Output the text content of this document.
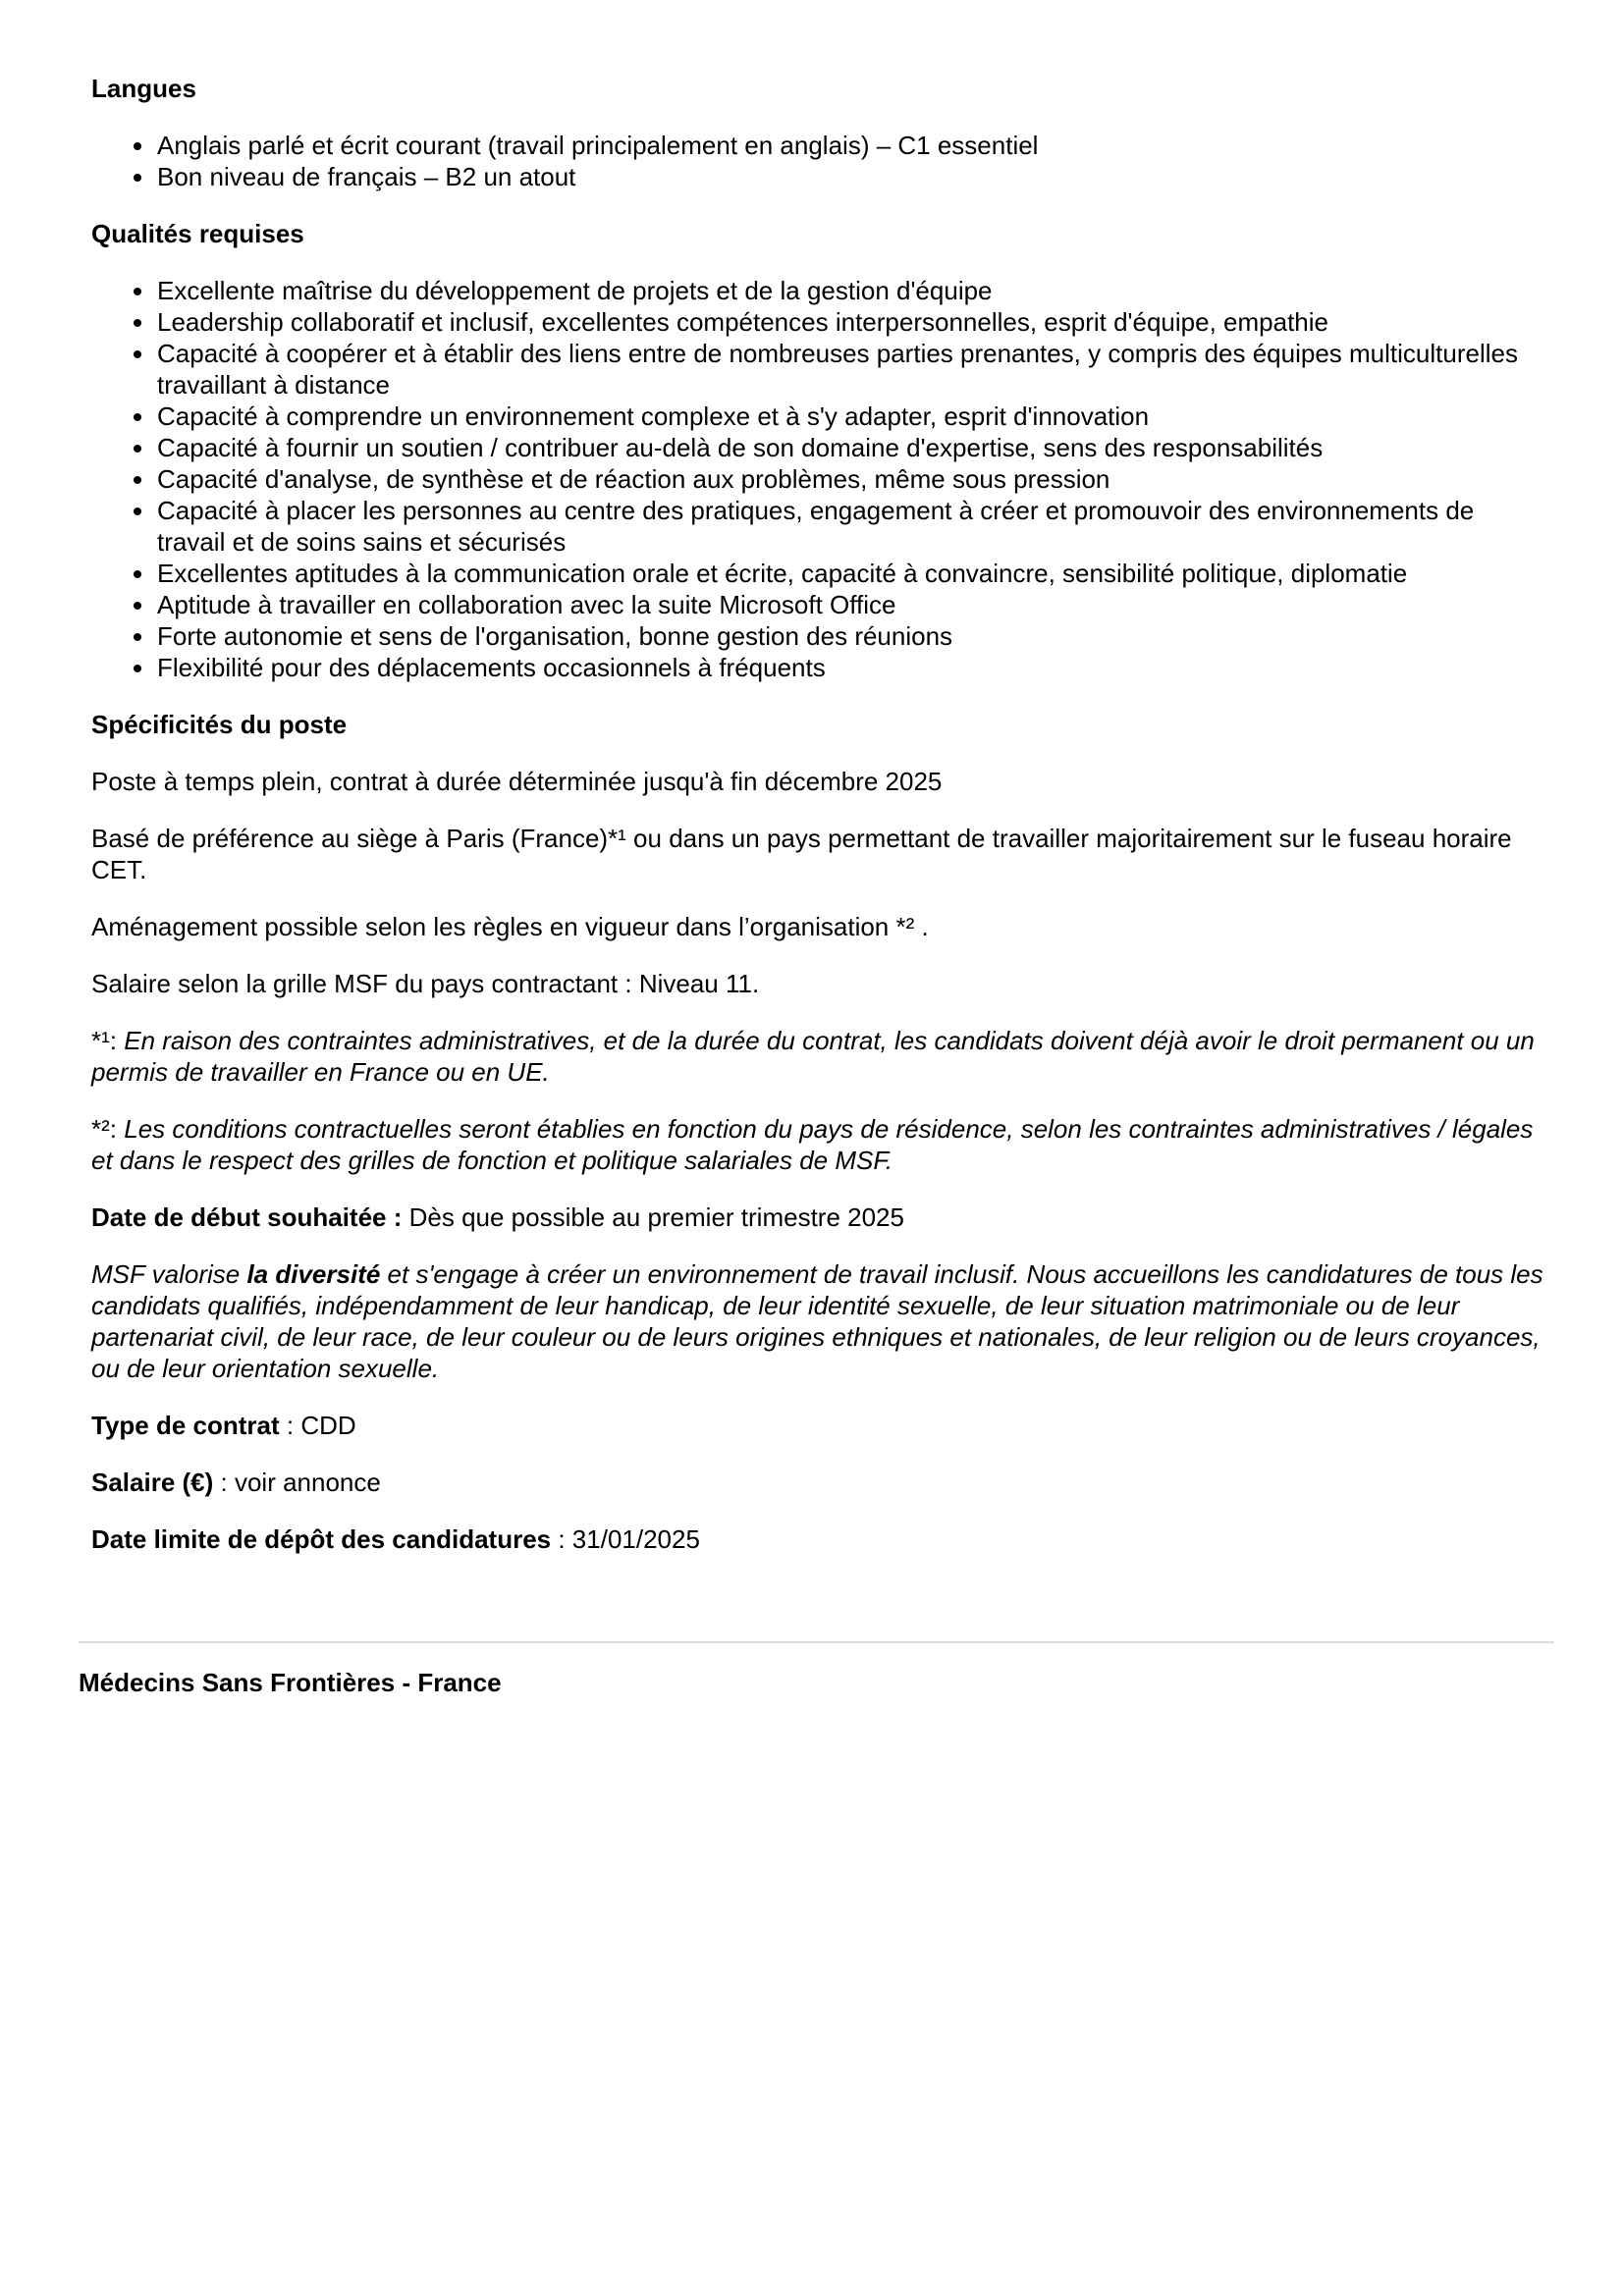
Langues

Anglais parlé et écrit courant (travail principalement en anglais) – C1 essentiel
Bon niveau de français – B2 un atout

Qualités requises

Excellente maîtrise du développement de projets et de la gestion d'équipe
Leadership collaboratif et inclusif, excellentes compétences interpersonnelles, esprit d'équipe, empathie
Capacité à coopérer et à établir des liens entre de nombreuses parties prenantes, y compris des équipes multiculturelles travaillant à distance
Capacité à comprendre un environnement complexe et à s'y adapter, esprit d'innovation
Capacité à fournir un soutien / contribuer au-delà de son domaine d'expertise, sens des responsabilités
Capacité d'analyse, de synthèse et de réaction aux problèmes, même sous pression
Capacité à placer les personnes au centre des pratiques, engagement à créer et promouvoir des environnements de travail et de soins sains et sécurisés
Excellentes aptitudes à la communication orale et écrite, capacité à convaincre, sensibilité politique, diplomatie
Aptitude à travailler en collaboration avec la suite Microsoft Office
Forte autonomie et sens de l'organisation, bonne gestion des réunions
Flexibilité pour des déplacements occasionnels à fréquents

Spécificités du poste

Poste à temps plein, contrat à durée déterminée jusqu'à fin décembre 2025

Basé de préférence au siège à Paris (France)*¹ ou dans un pays permettant de travailler majoritairement sur le fuseau horaire CET.

Aménagement possible selon les règles en vigueur dans l’organisation *² .

Salaire selon la grille MSF du pays contractant : Niveau 11.

*¹: En raison des contraintes administratives, et de la durée du contrat, les candidats doivent déjà avoir le droit permanent ou un permis de travailler en France ou en UE.

*²: Les conditions contractuelles seront établies en fonction du pays de résidence, selon les contraintes administratives / légales et dans le respect des grilles de fonction et politique salariales de MSF.

Date de début souhaitée : Dès que possible au premier trimestre 2025

MSF valorise la diversité et s'engage à créer un environnement de travail inclusif. Nous accueillons les candidatures de tous les candidats qualifiés, indépendamment de leur handicap, de leur identité sexuelle, de leur situation matrimoniale ou de leur partenariat civil, de leur race, de leur couleur ou de leurs origines ethniques et nationales, de leur religion ou de leurs croyances, ou de leur orientation sexuelle.

Type de contrat : CDD

Salaire (€) : voir annonce

Date limite de dépôt des candidatures : 31/01/2025

Médecins Sans Frontières - France
